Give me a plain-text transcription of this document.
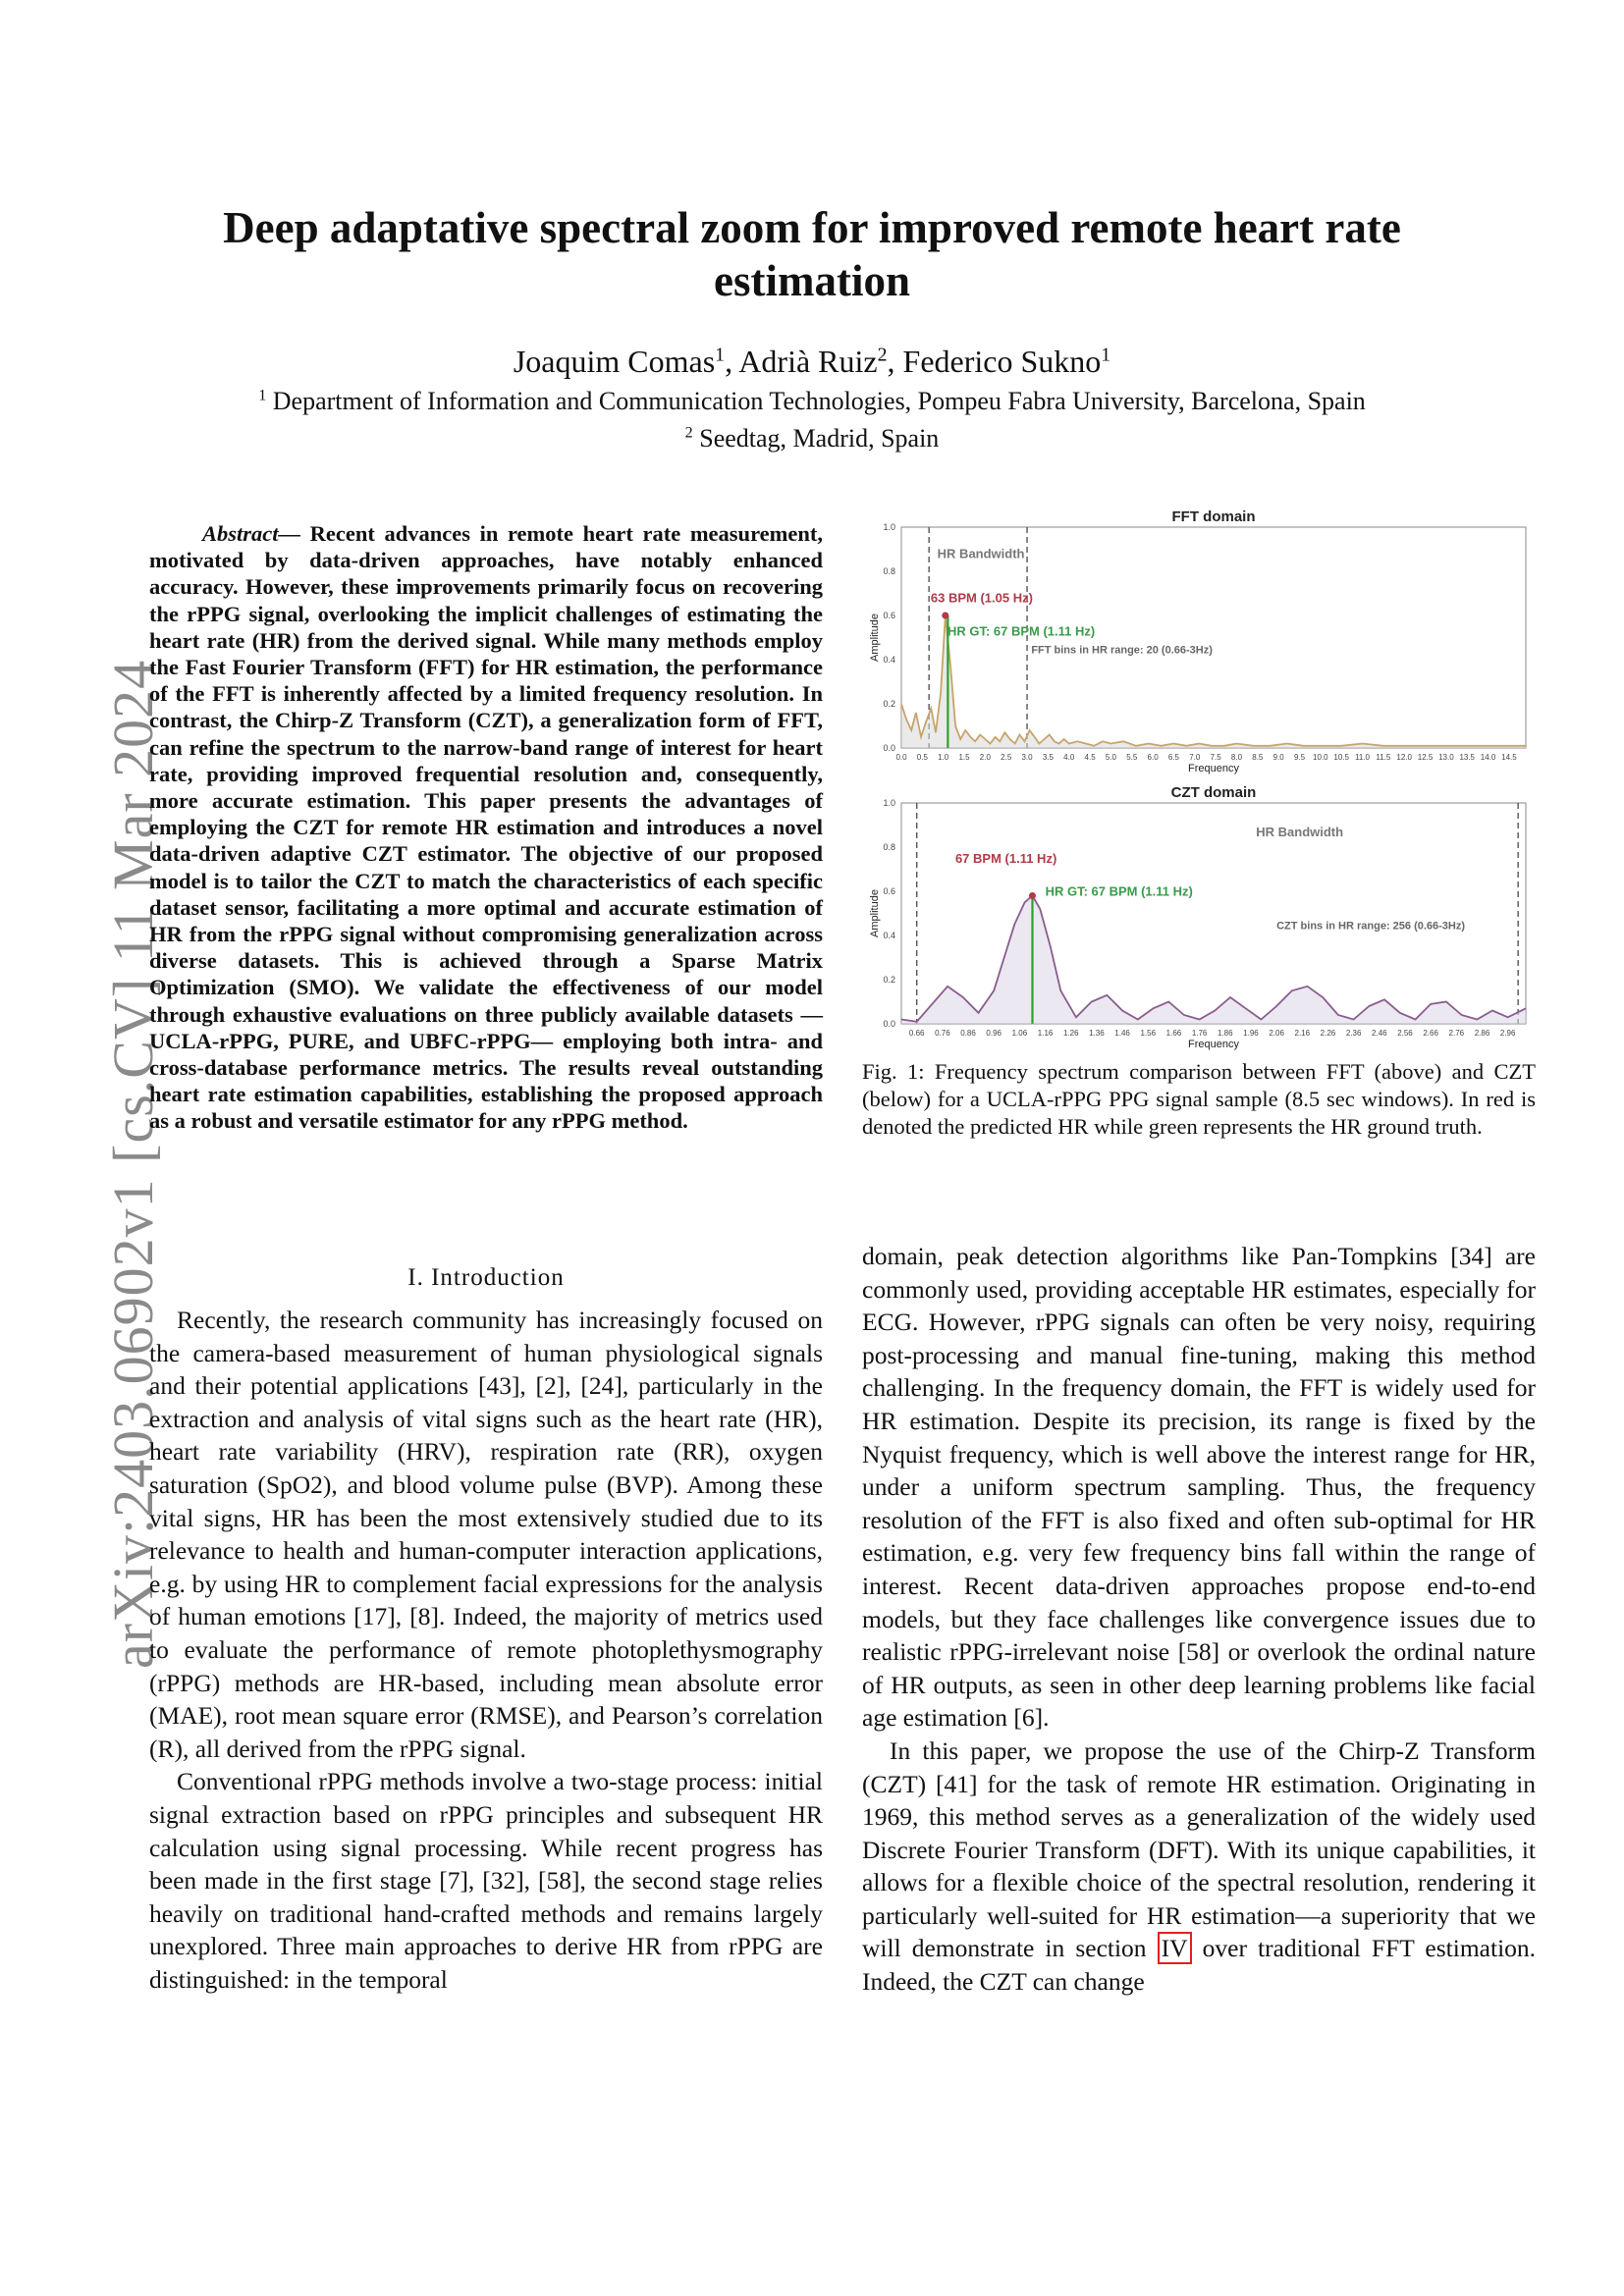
arXiv:2403.06902v1 [cs.CV] 11 Mar 2024
Deep adaptative spectral zoom for improved remote heart rate estimation
Joaquim Comas$^1$, Adrià Ruiz$^2$, Federico Sukno$^1$
$^1$ Department of Information and Communication Technologies, Pompeu Fabra University, Barcelona, Spain
$^2$ Seedtag, Madrid, Spain
Abstract— Recent advances in remote heart rate measurement, motivated by data-driven approaches, have notably enhanced accuracy. However, these improvements primarily focus on recovering the rPPG signal, overlooking the implicit challenges of estimating the heart rate (HR) from the derived signal. While many methods employ the Fast Fourier Transform (FFT) for HR estimation, the performance of the FFT is inherently affected by a limited frequency resolution. In contrast, the Chirp-Z Transform (CZT), a generalization form of FFT, can refine the spectrum to the narrow-band range of interest for heart rate, providing improved frequential resolution and, consequently, more accurate estimation. This paper presents the advantages of employing the CZT for remote HR estimation and introduces a novel data-driven adaptive CZT estimator. The objective of our proposed model is to tailor the CZT to match the characteristics of each specific dataset sensor, facilitating a more optimal and accurate estimation of HR from the rPPG signal without compromising generalization across diverse datasets. This is achieved through a Sparse Matrix Optimization (SMO). We validate the effectiveness of our model through exhaustive evaluations on three publicly available datasets —UCLA-rPPG, PURE, and UBFC-rPPG— employing both intra- and cross-database performance metrics. The results reveal outstanding heart rate estimation capabilities, establishing the proposed approach as a robust and versatile estimator for any rPPG method.
I. Introduction

Recently, the research community has increasingly focused on the camera-based measurement of human physiological signals and their potential applications [43], [2], [24], particularly in the extraction and analysis of vital signs such as the heart rate (HR), heart rate variability (HRV), respiration rate (RR), oxygen saturation (SpO2), and blood volume pulse (BVP). Among these vital signs, HR has been the most extensively studied due to its relevance to health and human-computer interaction applications, e.g. by using HR to complement facial expressions for the analysis of human emotions [17], [8]. Indeed, the majority of metrics used to evaluate the performance of remote photoplethysmography (rPPG) methods are HR-based, including mean absolute error (MAE), root mean square error (RMSE), and Pearson’s correlation (R), all derived from the rPPG signal.

Conventional rPPG methods involve a two-stage process: initial signal extraction based on rPPG principles and subsequent HR calculation using signal processing. While recent progress has been made in the first stage [7], [32], [58], the second stage relies heavily on traditional hand-crafted methods and remains largely unexplored. Three main approaches to derive HR from rPPG are distinguished: in the temporal

FFT domain
0.0
0.2
0.4
0.6
0.8
1.0
0.0 0.5 1.0 1.5 2.0 2.5 3.0 3.5 4.0 4.5 5.0 5.5 6.0 6.5 7.0 7.5 8.0 8.5 9.0 9.5 10.0 10.5 11.0 11.5 12.0 12.5 13.0 13.5 14.0 14.5
Frequency
Amplitude
HR Bandwidth
63 BPM (1.05 Hz)
HR GT: 67 BPM (1.11 Hz)
FFT bins in HR range: 20 (0.66-3Hz)
CZT domain
0.0
0.2
0.4
0.6
0.8
1.0
0.66 0.76 0.86 0.96 1.06 1.16 1.26 1.36 1.46 1.56 1.66 1.76 1.86 1.96 2.06 2.16 2.26 2.36 2.46 2.56 2.66 2.76 2.86 2.96
Frequency
Amplitude
HR Bandwidth
67 BPM (1.11 Hz)
HR GT: 67 BPM (1.11 Hz)
CZT bins in HR range: 256 (0.66-3Hz)
Fig. 1: Frequency spectrum comparison between FFT (above) and CZT (below) for a UCLA-rPPG PPG signal sample (8.5 sec windows). In red is denoted the predicted HR while green represents the HR ground truth.

domain, peak detection algorithms like Pan-Tompkins [34] are commonly used, providing acceptable HR estimates, especially for ECG. However, rPPG signals can often be very noisy, requiring post-processing and manual fine-tuning, making this method challenging. In the frequency domain, the FFT is widely used for HR estimation. Despite its precision, its range is fixed by the Nyquist frequency, which is well above the interest range for HR, under a uniform spectrum sampling. Thus, the frequency resolution of the FFT is also fixed and often sub-optimal for HR estimation, e.g. very few frequency bins fall within the range of interest. Recent data-driven approaches propose end-to-end models, but they face challenges like convergence issues due to realistic rPPG-irrelevant noise [58] or overlook the ordinal nature of HR outputs, as seen in other deep learning problems like facial age estimation [6].

In this paper, we propose the use of the Chirp-Z Transform (CZT) [41] for the task of remote HR estimation. Originating in 1969, this method serves as a generalization of the widely used Discrete Fourier Transform (DFT). With its unique capabilities, it allows for a flexible choice of the spectral resolution, rendering it particularly well-suited for HR estimation—a superiority that we will demonstrate in section IV over traditional FFT estimation. Indeed, the CZT can change
